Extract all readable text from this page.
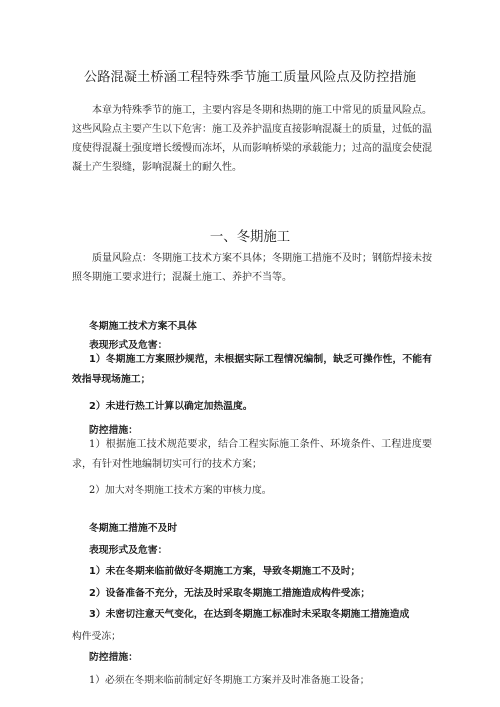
公路混凝土桥涵工程特殊季节施工质量风险点及防控措施

本章为特殊季节的施工，主要内容是冬期和热期的施工中常见的质量风险点。这些风险点主要产生以下危害：施工及养护温度直接影响混凝土的质量，过低的温度使得混凝土强度增长缓慢而冻坏，从而影响桥梁的承载能力；过高的温度会使混凝土产生裂缝，影响混凝土的耐久性。

一、冬期施工

质量风险点：冬期施工技术方案不具体；冬期施工措施不及时；钢筋焊接未按照冬期施工要求进行；混凝土施工、养护不当等。

冬期施工技术方案不具体
表现形式及危害：

1）冬期施工方案照抄规范，未根据实际工程情况编制，缺乏可操作性，不能有效指导现场施工；

2）未进行热工计算以确定加热温度。
防控措施：

1）根据施工技术规范要求，结合工程实际施工条件、环境条件、工程进度要求，有针对性地编制切实可行的技术方案；

2）加大对冬期施工技术方案的审核力度。
冬期施工措施不及时
表现形式及危害：
1）未在冬期来临前做好冬期施工方案，导致冬期施工不及时；
2）设备准备不充分，无法及时采取冬期施工措施造成构件受冻；
3）未密切注意天气变化，在达到冬期施工标准时未采取冬期施工措施造成
构件受冻；
防控措施：
1）必须在冬期来临前制定好冬期施工方案并及时准备施工设备；
